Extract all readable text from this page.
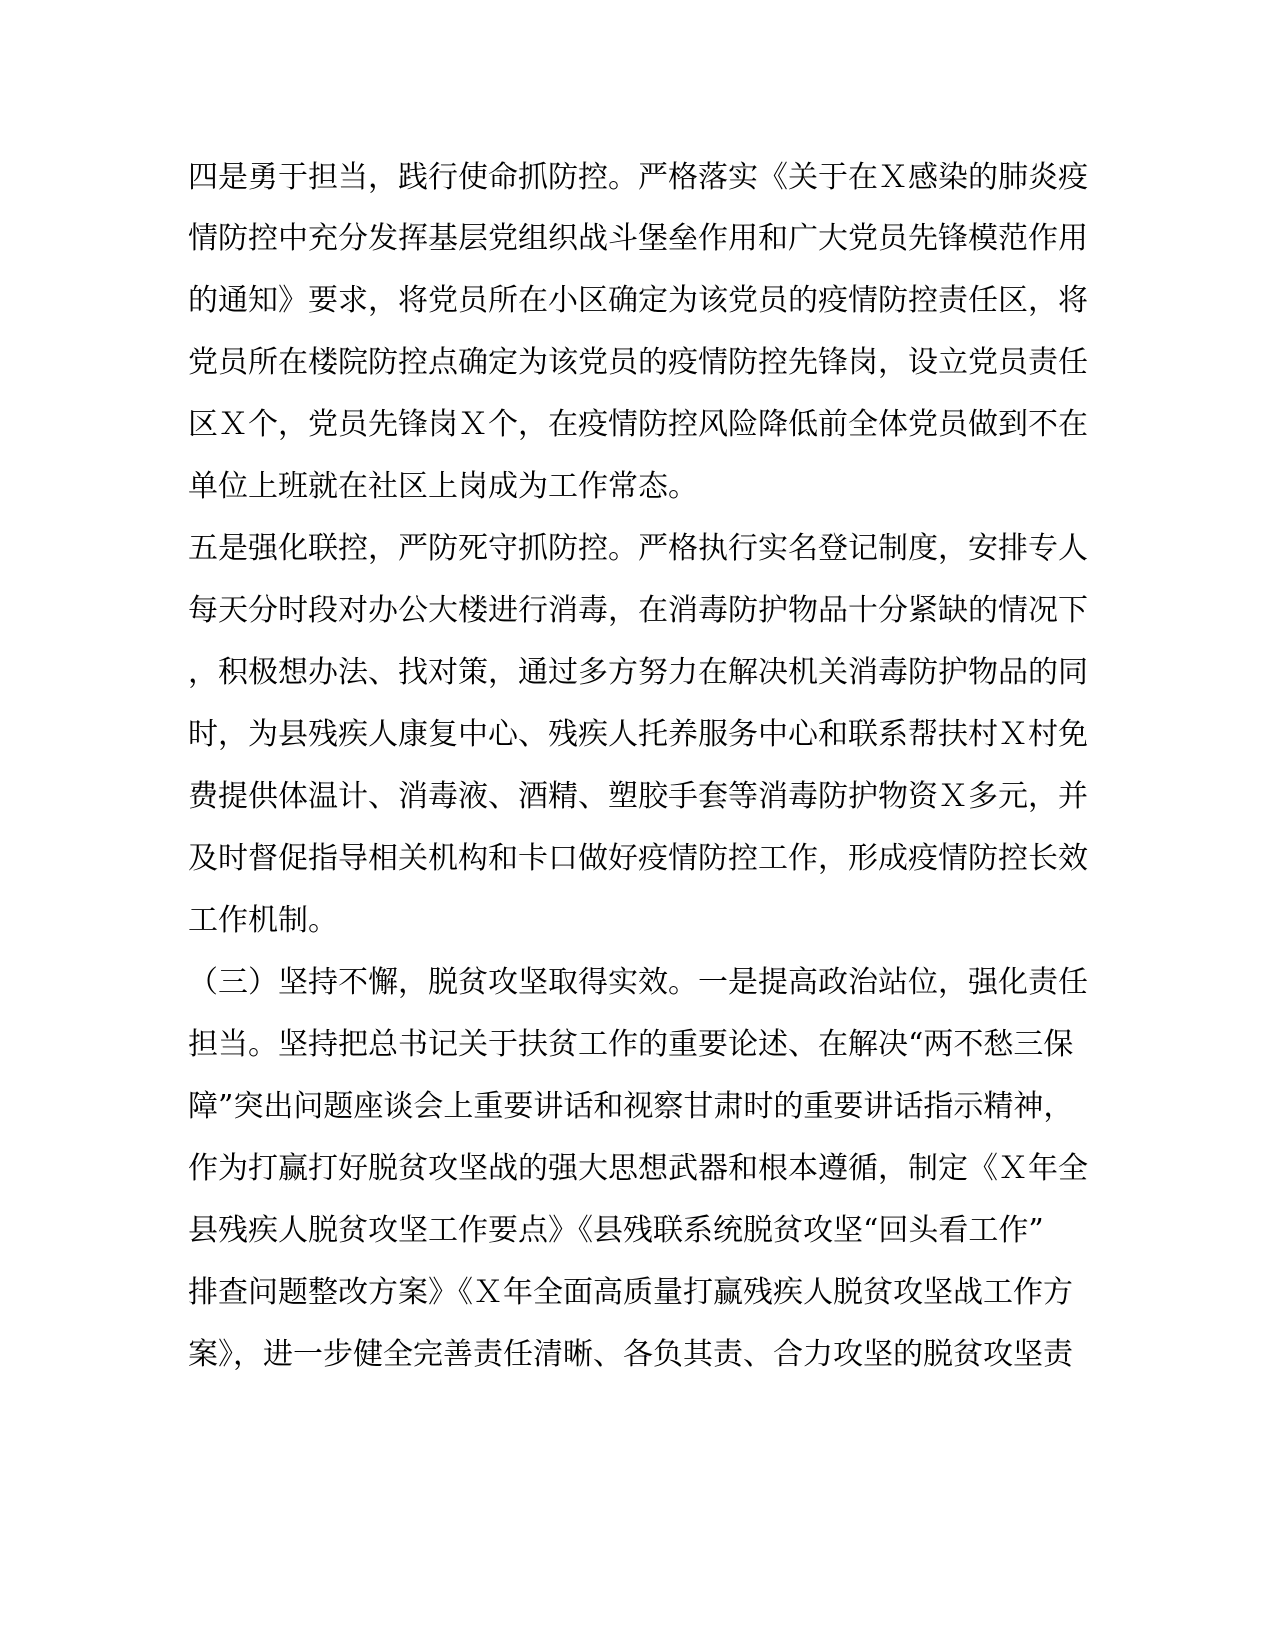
四是勇于担当，践行使命抓防控。严格落实《关于在Ｘ感染的肺炎疫
情防控中充分发挥基层党组织战斗堡垒作用和广大党员先锋模范作用
的通知》要求，将党员所在小区确定为该党员的疫情防控责任区，将
党员所在楼院防控点确定为该党员的疫情防控先锋岗，设立党员责任
区Ｘ个，党员先锋岗Ｘ个，在疫情防控风险降低前全体党员做到不在
单位上班就在社区上岗成为工作常态。
五是强化联控，严防死守抓防控。严格执行实名登记制度，安排专人
每天分时段对办公大楼进行消毒，在消毒防护物品十分紧缺的情况下
，积极想办法、找对策，通过多方努力在解决机关消毒防护物品的同
时，为县残疾人康复中心、残疾人托养服务中心和联系帮扶村Ｘ村免
费提供体温计、消毒液、酒精、塑胶手套等消毒防护物资Ｘ多元，并
及时督促指导相关机构和卡口做好疫情防控工作，形成疫情防控长效
工作机制。
（三）坚持不懈，脱贫攻坚取得实效。一是提高政治站位，强化责任
担当。坚持把总书记关于扶贫工作的重要论述、在解决“两不愁三保
障”突出问题座谈会上重要讲话和视察甘肃时的重要讲话指示精神，
作为打赢打好脱贫攻坚战的强大思想武器和根本遵循，制定《Ｘ年全
县残疾人脱贫攻坚工作要点》《县残联系统脱贫攻坚“回头看工作”
排查问题整改方案》《Ｘ年全面高质量打赢残疾人脱贫攻坚战工作方
案》，进一步健全完善责任清晰、各负其责、合力攻坚的脱贫攻坚责
